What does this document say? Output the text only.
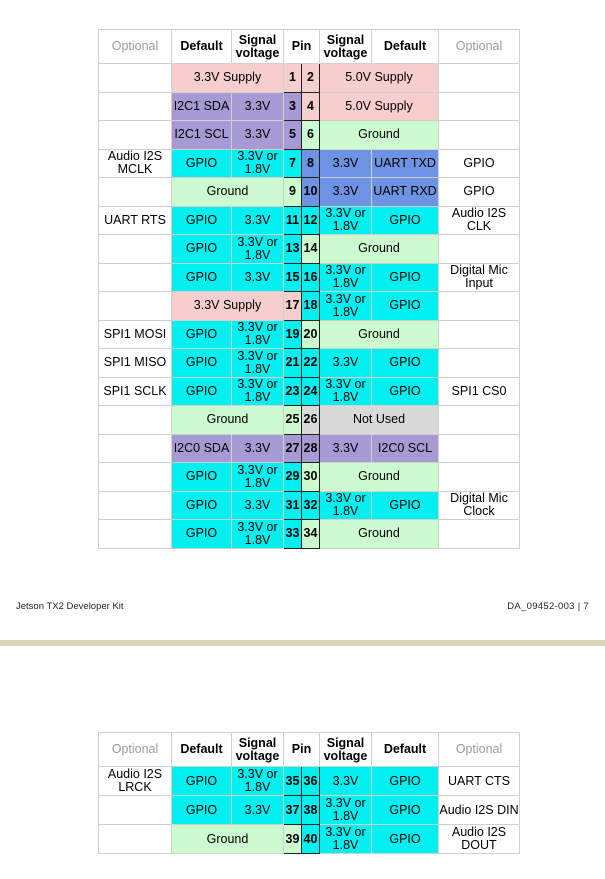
Optional	Default	Signal voltage	Pin		Signal voltage	Default	Optional
	3.3V Supply		1	2	5.0V Supply		
	I2C1 SDA	3.3V	3	4	5.0V Supply		
	I2C1 SCL	3.3V	5	6	Ground		
Audio I2S MCLK	GPIO	3.3V or 1.8V	7	8	3.3V	UART TXD	GPIO
	Ground		9	10	3.3V	UART RXD	GPIO
UART RTS	GPIO	3.3V	11	12	3.3V or 1.8V	GPIO	Audio I2S CLK
	GPIO	3.3V or 1.8V	13	14	Ground		
	GPIO	3.3V	15	16	3.3V or 1.8V	GPIO	Digital Mic Input
	3.3V Supply		17	18	3.3V or 1.8V	GPIO	
SPI1 MOSI	GPIO	3.3V or 1.8V	19	20	Ground		
SPI1 MISO	GPIO	3.3V or 1.8V	21	22	3.3V	GPIO	
SPI1 SCLK	GPIO	3.3V or 1.8V	23	24	3.3V or 1.8V	GPIO	SPI1 CS0
	Ground		25	26	Not Used		
	I2C0 SDA	3.3V	27	28	3.3V	I2C0 SCL	
	GPIO	3.3V or 1.8V	29	30	Ground		
	GPIO	3.3V	31	32	3.3V or 1.8V	GPIO	Digital Mic Clock
	GPIO	3.3V or 1.8V	33	34	Ground		
Jetson TX2 Developer Kit	DA_09452-003 | 7
Optional	Default	Signal voltage	Pin		Signal voltage	Default	Optional
Audio I2S LRCK	GPIO	3.3V or 1.8V	35	36	3.3V	GPIO	UART CTS
	GPIO	3.3V	37	38	3.3V or 1.8V	GPIO	Audio I2S DIN
	Ground		39	40	3.3V or 1.8V	GPIO	Audio I2S DOUT
